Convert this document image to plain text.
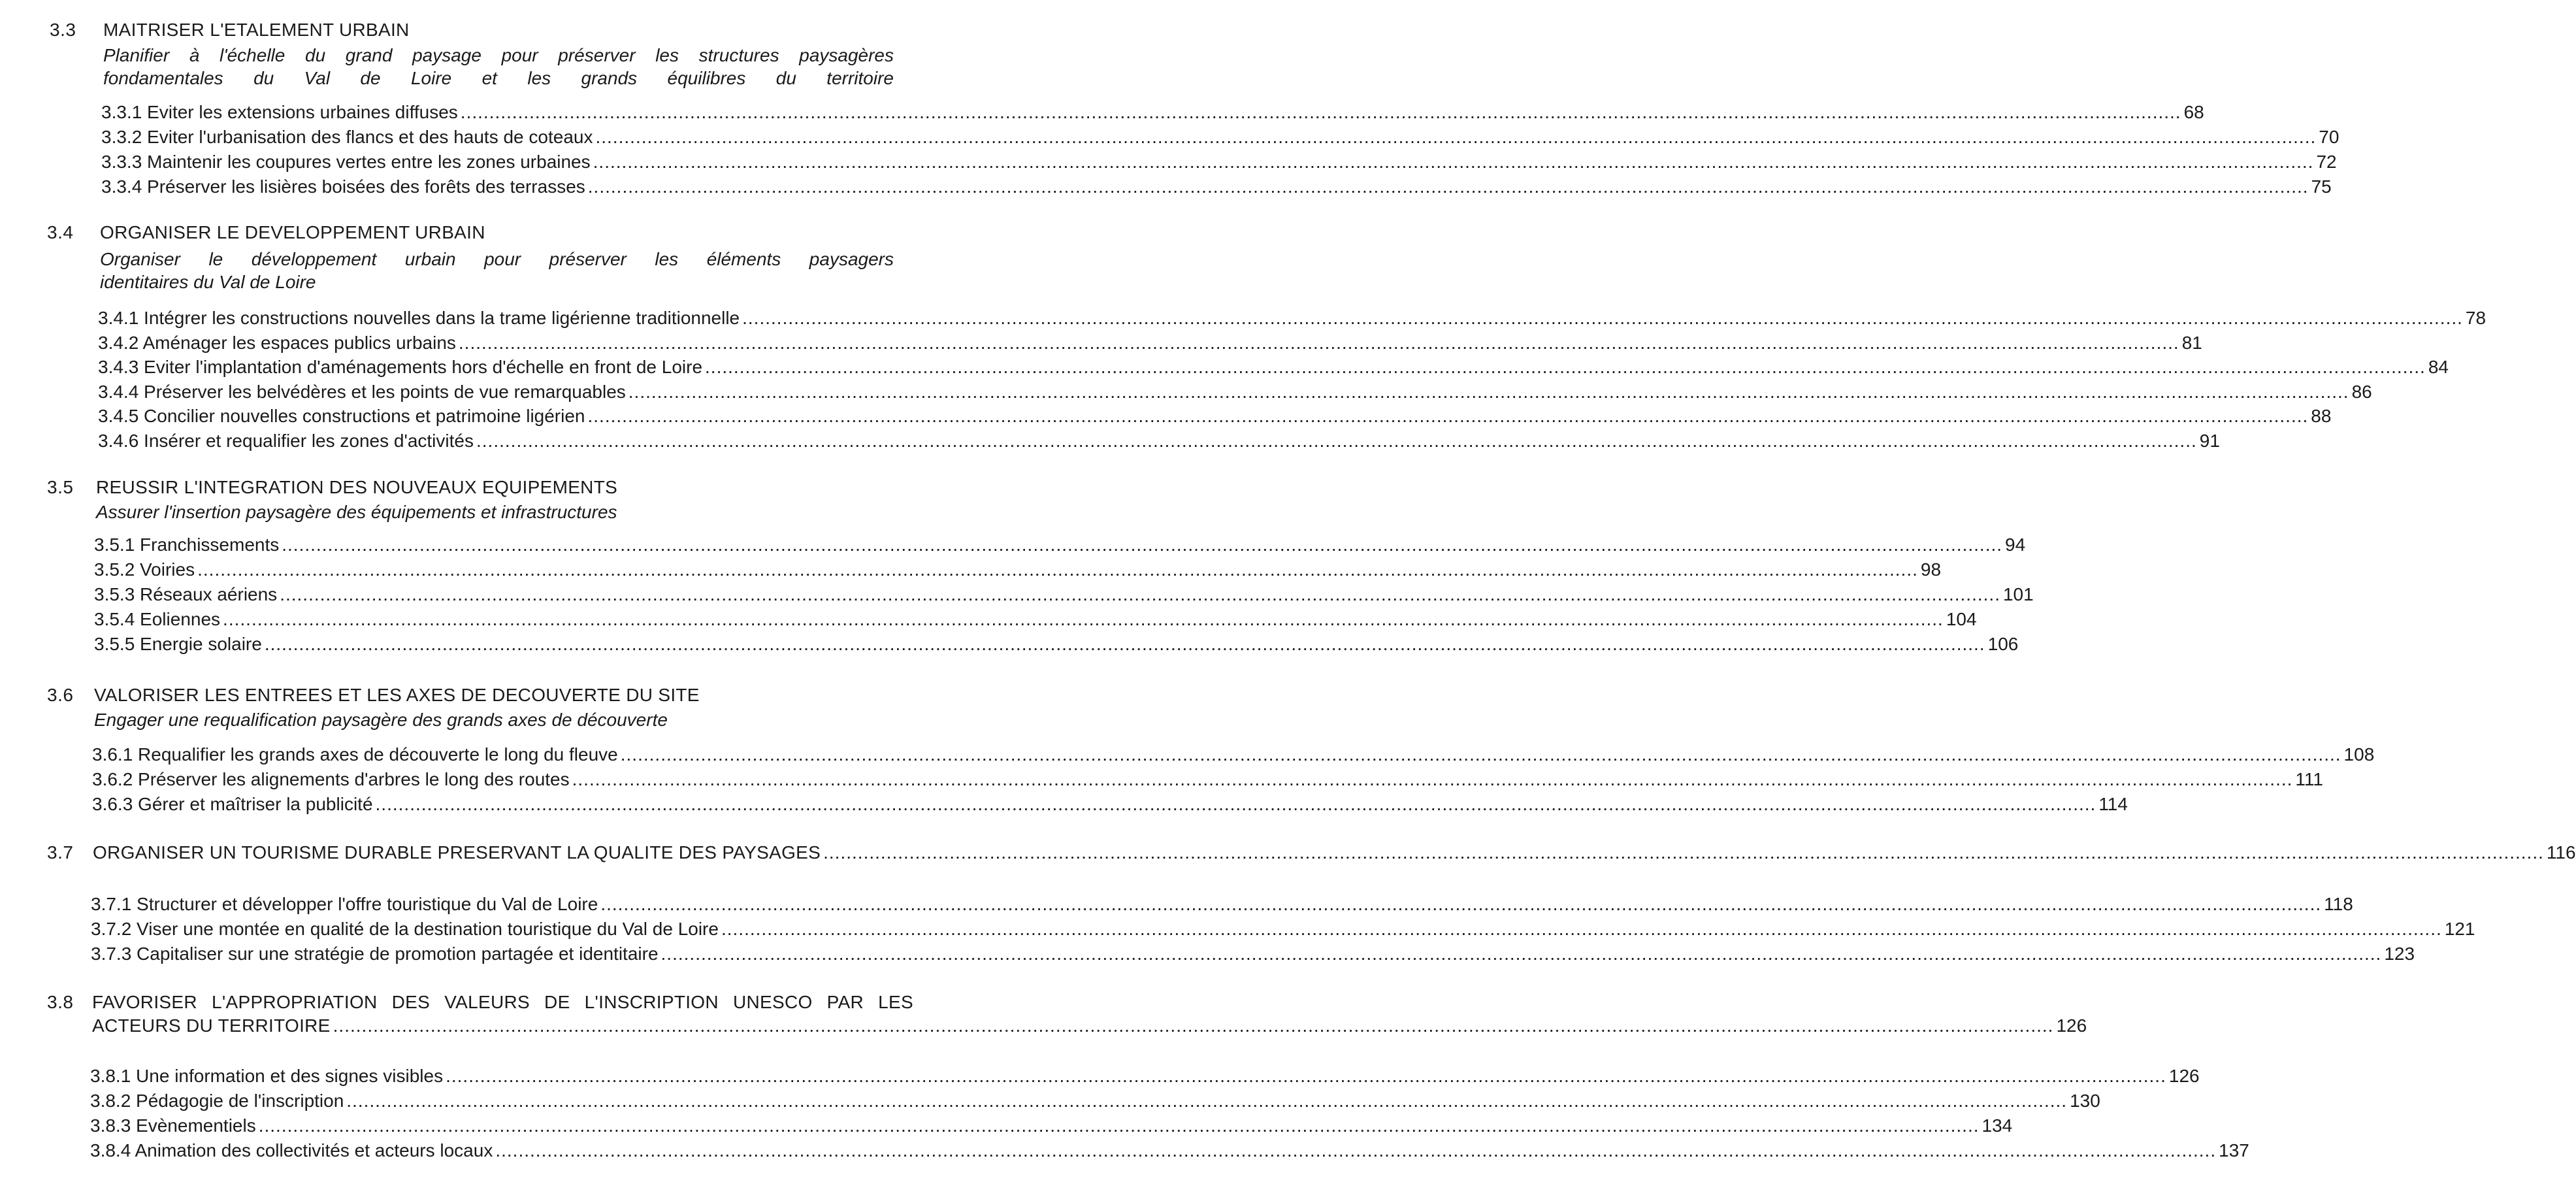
3.3 MAITRISER L'ETALEMENT URBAIN
Planifier à l'échelle du grand paysage pour préserver les structures paysagères
fondamentales du Val de Loire et les grands équilibres du territoire
3.3.1 Eviter les extensions urbaines diffuses ............................................................................................................................................................................................................................................................................................................ 68
3.3.2 Eviter l'urbanisation des flancs et des hauts de coteaux ............................................................................................................................................................................................................................................................................................................ 70
3.3.3 Maintenir les coupures vertes entre les zones urbaines ............................................................................................................................................................................................................................................................................................................ 72
3.3.4 Préserver les lisières boisées des forêts des terrasses ............................................................................................................................................................................................................................................................................................................ 75
3.4 ORGANISER LE DEVELOPPEMENT URBAIN
Organiser le développement urbain pour préserver les éléments paysagers
identitaires du Val de Loire
3.4.1 Intégrer les constructions nouvelles dans la trame ligérienne traditionnelle ............................................................................................................................................................................................................................................................................................................ 78
3.4.2 Aménager les espaces publics urbains ............................................................................................................................................................................................................................................................................................................ 81
3.4.3 Eviter l'implantation d'aménagements hors d'échelle en front de Loire ............................................................................................................................................................................................................................................................................................................ 84
3.4.4 Préserver les belvédères et les points de vue remarquables ............................................................................................................................................................................................................................................................................................................ 86
3.4.5 Concilier nouvelles constructions et patrimoine ligérien ............................................................................................................................................................................................................................................................................................................ 88
3.4.6 Insérer et requalifier les zones d'activités ............................................................................................................................................................................................................................................................................................................ 91
3.5 REUSSIR L'INTEGRATION DES NOUVEAUX EQUIPEMENTS
Assurer l'insertion paysagère des équipements et infrastructures
3.5.1 Franchissements ............................................................................................................................................................................................................................................................................................................ 94
3.5.2 Voiries ............................................................................................................................................................................................................................................................................................................ 98
3.5.3 Réseaux aériens ............................................................................................................................................................................................................................................................................................................ 101
3.5.4 Eoliennes ............................................................................................................................................................................................................................................................................................................ 104
3.5.5 Energie solaire ............................................................................................................................................................................................................................................................................................................ 106
3.6 VALORISER LES ENTREES ET LES AXES DE DECOUVERTE DU SITE
Engager une requalification paysagère des grands axes de découverte
3.6.1 Requalifier les grands axes de découverte le long du fleuve ............................................................................................................................................................................................................................................................................................................ 108
3.6.2 Préserver les alignements d'arbres le long des routes ............................................................................................................................................................................................................................................................................................................ 111
3.6.3 Gérer et maîtriser la publicité ............................................................................................................................................................................................................................................................................................................ 114
3.7 ORGANISER UN TOURISME DURABLE PRESERVANT LA QUALITE DES PAYSAGES ............................................................................................................................................................................................................................................................................................................ 116
3.7.1 Structurer et développer l'offre touristique du Val de Loire ............................................................................................................................................................................................................................................................................................................ 118
3.7.2 Viser une montée en qualité de la destination touristique du Val de Loire ............................................................................................................................................................................................................................................................................................................ 121
3.7.3 Capitaliser sur une stratégie de promotion partagée et identitaire ............................................................................................................................................................................................................................................................................................................ 123
3.8 FAVORISER L'APPROPRIATION DES VALEURS DE L'INSCRIPTION UNESCO PAR LES
ACTEURS DU TERRITOIRE ............................................................................................................................................................................................................................................................................................................ 126
3.8.1 Une information et des signes visibles ............................................................................................................................................................................................................................................................................................................ 126
3.8.2 Pédagogie de l'inscription ............................................................................................................................................................................................................................................................................................................ 130
3.8.3 Evènementiels ............................................................................................................................................................................................................................................................................................................ 134
3.8.4 Animation des collectivités et acteurs locaux ............................................................................................................................................................................................................................................................................................................ 137
